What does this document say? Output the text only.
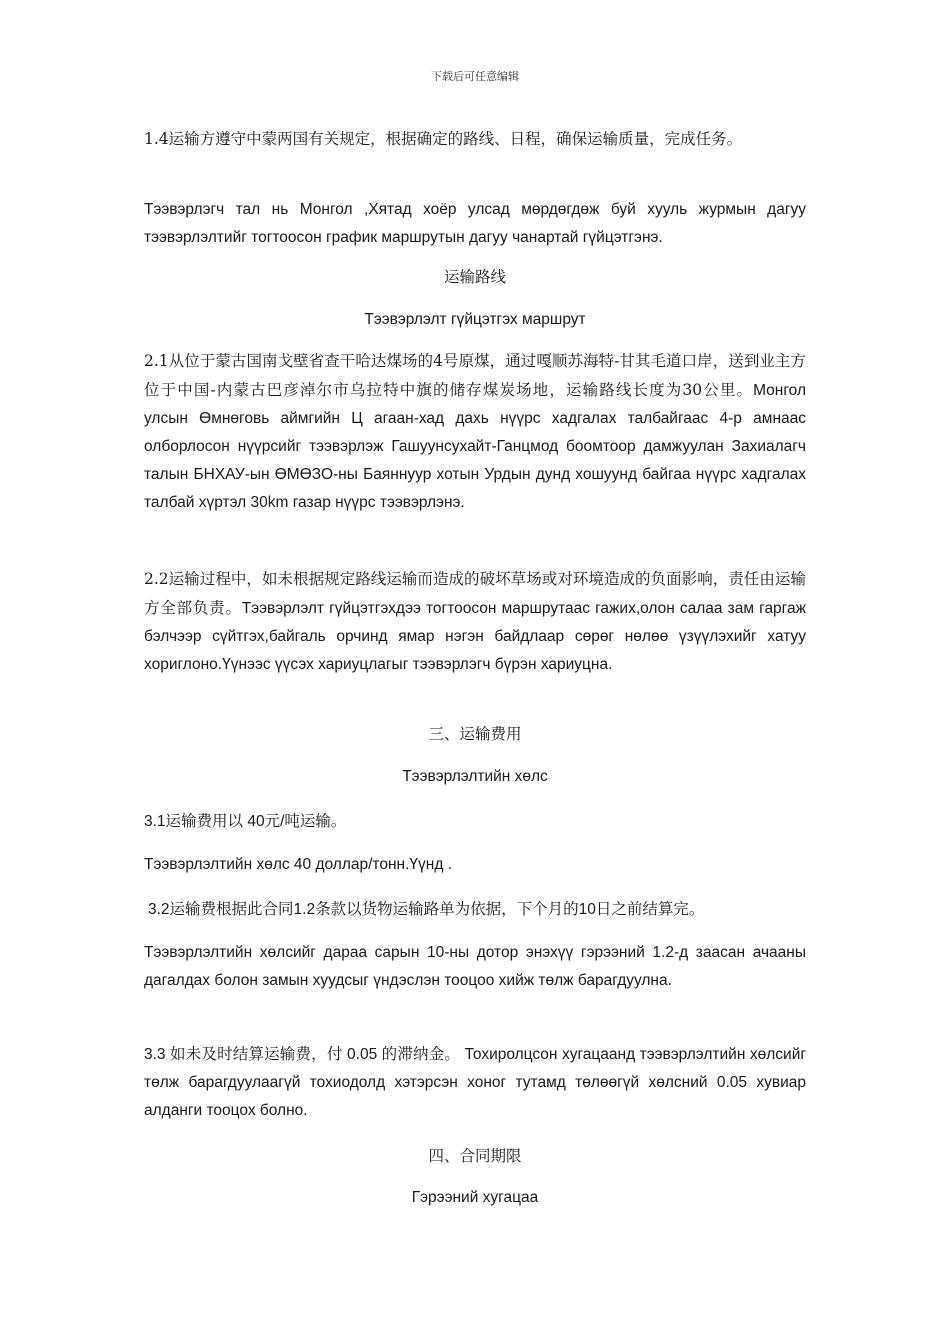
下载后可任意编辑

1.4运输方遵守中蒙两国有关规定，根据确定的路线、日程，确保运输质量，完成任务。

Тээвэрлэгч тал нь Монгол ,Хятад хоёр улсад мөрдөгдөж буй хууль журмын дагуу тээвэрлэлтийг тогтоосон график маршрутын дагуу чанартай гүйцэтгэнэ.

运输路线

Тээвэрлэлт гүйцэтгэх маршрут

2.1从位于蒙古国南戈壁省查干哈达煤场的4号原煤，通过嘎顺苏海特-甘其毛道口岸，送到业主方位于中国-内蒙古巴彦淖尔市乌拉特中旗的储存煤炭场地，运输路线长度为30公里。Монгол улсын Өмнөговь аймгийн Ц агаан-хад дахь нүүрс хадгалах талбайгаас 4-р амнаас олборлосон нүүрсийг тээвэрлэж Гашуунсухайт-Ганцмод боомтоор дамжуулан Захиалагч талын БНХАУ-ын ӨМӨЗО-ны Баяннуур хотын Урдын дунд хошуунд байгаа нүүрс хадгалах талбай хүртэл 30km газар нүүрс тээвэрлэнэ.

2.2运输过程中，如未根据规定路线运输而造成的破坏草场或对环境造成的负面影响，责任由运输方全部负责。Тээвэрлэлт гүйцэтгэхдээ тогтоосон маршрутаас гажих,олон салаа зам гаргаж бэлчээр сүйтгэх,байгаль орчинд ямар нэгэн байдлаар сөрөг нөлөө үзүүлэхийг хатуу хориглоно.Үүнээс үүсэх хариуцлагыг тээвэрлэгч бүрэн хариуцна.

三、运输费用

Тээвэрлэлтийн хөлс

3.1运输费用以 40元/吨运输。

Тээвэрлэлтийн хөлс 40 доллар/тонн.Үүнд .

3.2运输费根据此合同1.2条款以货物运输路单为依据，下个月的10日之前结算完。

Тээвэрлэлтийн хөлсийг дараа сарын 10-ны дотор энэхүү гэрээний 1.2-д заасан ачааны дагалдах болон замын хуудсыг үндэслэн тооцоо хийж төлж барагдуулна.

3.3 如未及时结算运输费，付 0.05 的滞纳金。 Тохиролцсон хугацаанд тээвэрлэлтийн хөлсийг төлж барагдуулаагүй тохиодолд хэтэрсэн хоног тутамд төлөөгүй хөлсний 0.05 хувиар алданги тооцох болно.

四、合同期限

Гэрээний хугацаа
